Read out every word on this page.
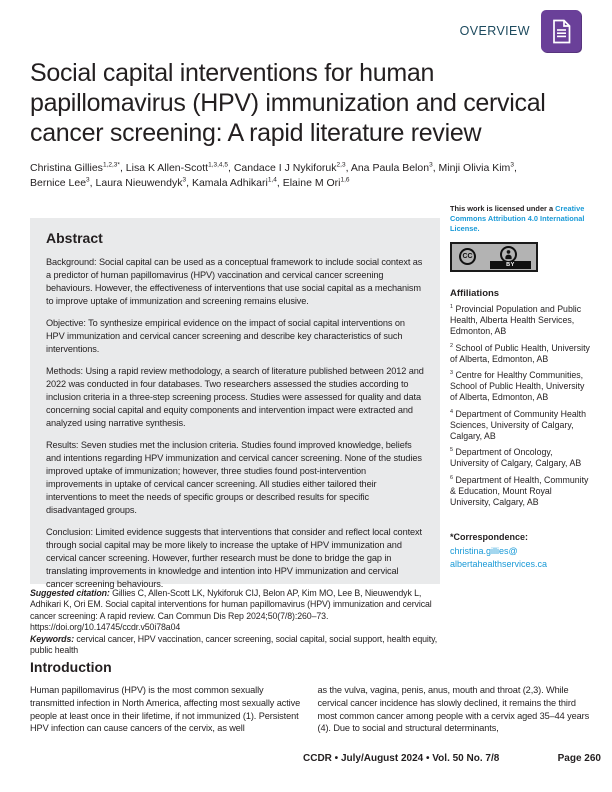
OVERVIEW
Social capital interventions for human papillomavirus (HPV) immunization and cervical cancer screening: A rapid literature review
Christina Gillies$^{1,2,3*}$, Lisa K Allen-Scott$^{1,3,4,5}$, Candace I J Nykiforuk$^{2,3}$, Ana Paula Belon$^3$, Minji Olivia Kim$^3$, Bernice Lee$^3$, Laura Nieuwendyk$^3$, Kamala Adhikari$^{1,4}$, Elaine M Ori$^{1,6}$
Abstract

Background: Social capital can be used as a conceptual framework to include social context as a predictor of human papillomavirus (HPV) vaccination and cervical cancer screening behaviours. However, the effectiveness of interventions that use social capital as a mechanism to improve uptake of immunization and screening remains elusive.

Objective: To synthesize empirical evidence on the impact of social capital interventions on HPV immunization and cervical cancer screening and describe key characteristics of such interventions.

Methods: Using a rapid review methodology, a search of literature published between 2012 and 2022 was conducted in four databases. Two researchers assessed the studies according to inclusion criteria in a three-step screening process. Studies were assessed for quality and data concerning social capital and equity components and intervention impact were extracted and analyzed using narrative synthesis.

Results: Seven studies met the inclusion criteria. Studies found improved knowledge, beliefs and intentions regarding HPV immunization and cervical cancer screening. None of the studies improved uptake of immunization; however, three studies found post-intervention improvements in uptake of cervical cancer screening. All studies either tailored their interventions to meet the needs of specific groups or described results for specific disadvantaged groups.

Conclusion: Limited evidence suggests that interventions that consider and reflect local context through social capital may be more likely to increase the uptake of HPV immunization and cervical cancer screening. However, further research must be done to bridge the gap in translating improvements in knowledge and intention into HPV immunization and cervical cancer screening behaviours.

Suggested citation: Gillies C, Allen-Scott LK, Nykiforuk CIJ, Belon AP, Kim MO, Lee B, Nieuwendyk L, Adhikari K, Ori EM. Social capital interventions for human papillomavirus (HPV) immunization and cervical cancer screening: A rapid review. Can Commun Dis Rep 2024;50(7/8):260–73. https://doi.org/10.14745/ccdr.v50i78a04

Keywords: cervical cancer, HPV vaccination, cancer screening, social capital, social support, health equity, public health

This work is licensed under a Creative Commons Attribution 4.0 International License.

CC
BY
Affiliations
$^1$ Provincial Population and Public Health, Alberta Health Services, Edmonton, AB
$^2$ School of Public Health, University of Alberta, Edmonton, AB
$^3$ Centre for Healthy Communities, School of Public Health, University of Alberta, Edmonton, AB
$^4$ Department of Community Health Sciences, University of Calgary, Calgary, AB
$^5$ Department of Oncology, University of Calgary, Calgary, AB
$^6$ Department of Health, Community & Education, Mount Royal University, Calgary, AB
*Correspondence:
christina.gillies@
albertahealthservices.ca
Introduction

Human papillomavirus (HPV) is the most common sexually transmitted infection in North America, affecting most sexually active people at least once in their lifetime, if not immunized (1). Persistent HPV infection can cause cancers of the cervix, as well

as the vulva, vagina, penis, anus, mouth and throat (2,3). While cervical cancer incidence has slowly declined, it remains the third most common cancer among people with a cervix aged 35–44 years (4). Due to social and structural determinants,

CCDR • July/August 2024 • Vol. 50 No. 7/8	Page 260
